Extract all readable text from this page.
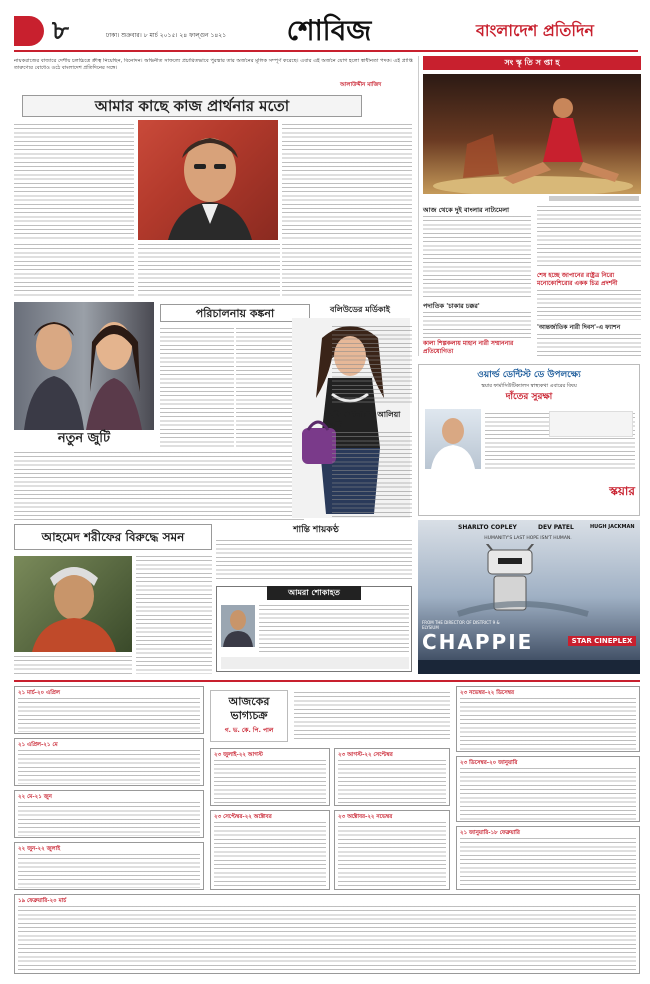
৮	ঢাকা। শুক্রবার। ৮ মার্চ ২০১৫। ২৪ ফাল্গুন ১৪২১ শোবিজ	বাংলাদেশ প্রতিদিন
নায়করাজের বাজারে দেশীয় চলচ্চিত্রে ক্রীত্ব নিয়েছিন, বিনোদন। অভিনীত সাফল্যে প্রচারিতভাবে পুরস্কার তার অর্জনের মূলিক সম্পূর্ণ করেছে। এবার এই অর্জনে যোগ হলো স্বাধীনতা পদক। এই প্রাপ্তি তারুণ্যের বোধেও ওঠে বাংলাদেশ প্রতিদিনের সঙ্গে।
আলাউদ্দীন মাজিদ
আমার কাছে কাজ প্রার্থনার মতো
সং স্কৃ তি স প্তা হ
আজ থেকে দুই বাংলার নাট্যমেলা
পদাতিক 'চাকার চক্কর'
কালা শিল্পকলায় মাহান নারী সম্মাননার প্রতিযোগিতা
শেষ হচ্ছে জাপানের রাষ্ট্রত্র নিরো মনোকোশিরোর একক চিত্র প্রদর্শনী
'আন্তর্জাতিক নারী দিবস'-এ ফ্যাশন
নতুন জুটি
পরিচালনায় কঙ্কনা	বলিউডের মর্ডিকাই
হকি খেলোয়াড় আলিয়া ভাট
ওয়ার্ল্ড ডেন্টিস্ট ডে উপলক্ষ্যে
স্কয়ার ফার্মাসিউটিক্যালস স্বাস্থ্যকথা এবারের বিষয়
দাঁতের সুরক্ষা
স্কয়ার
আহমেদ শরীফের বিরুদ্ধে সমন	শান্তি শায়কণ্ঠ
আমরা শোকাহত
SHARLTO COPLEY	DEV PATEL	HUGH JACKMAN
HUMANITY'S LAST HOPE ISN'T HUMAN.
FROM THE DIRECTOR OF DISTRICT 9 & ELYSIUM
CHAPPIE	STAR CINEPLEX
আজকের ভাগ্যচক্র
গ. ভ. কে. পি. পাল
২১ মার্চ-২০ এপ্রিল
২১ এপ্রিল-২১ মে
২২ মে-২১ জুন
২২ জুন-২২ জুলাই
২৩ জুলাই-২২ আগস্ট	২৩ আগস্ট-২২ সেপ্টেম্বর
২৩ সেপ্টেম্বর-২২ অক্টোবর	২৩ অক্টোবর-২২ নভেম্বর
২৩ নভেম্বর-২২ ডিসেম্বর
২৩ ডিসেম্বর-২০ জানুয়ারি
২১ জানুয়ারি-১৮ ফেব্রুয়ারি
১৯ ফেব্রুয়ারি-২০ মার্চ
